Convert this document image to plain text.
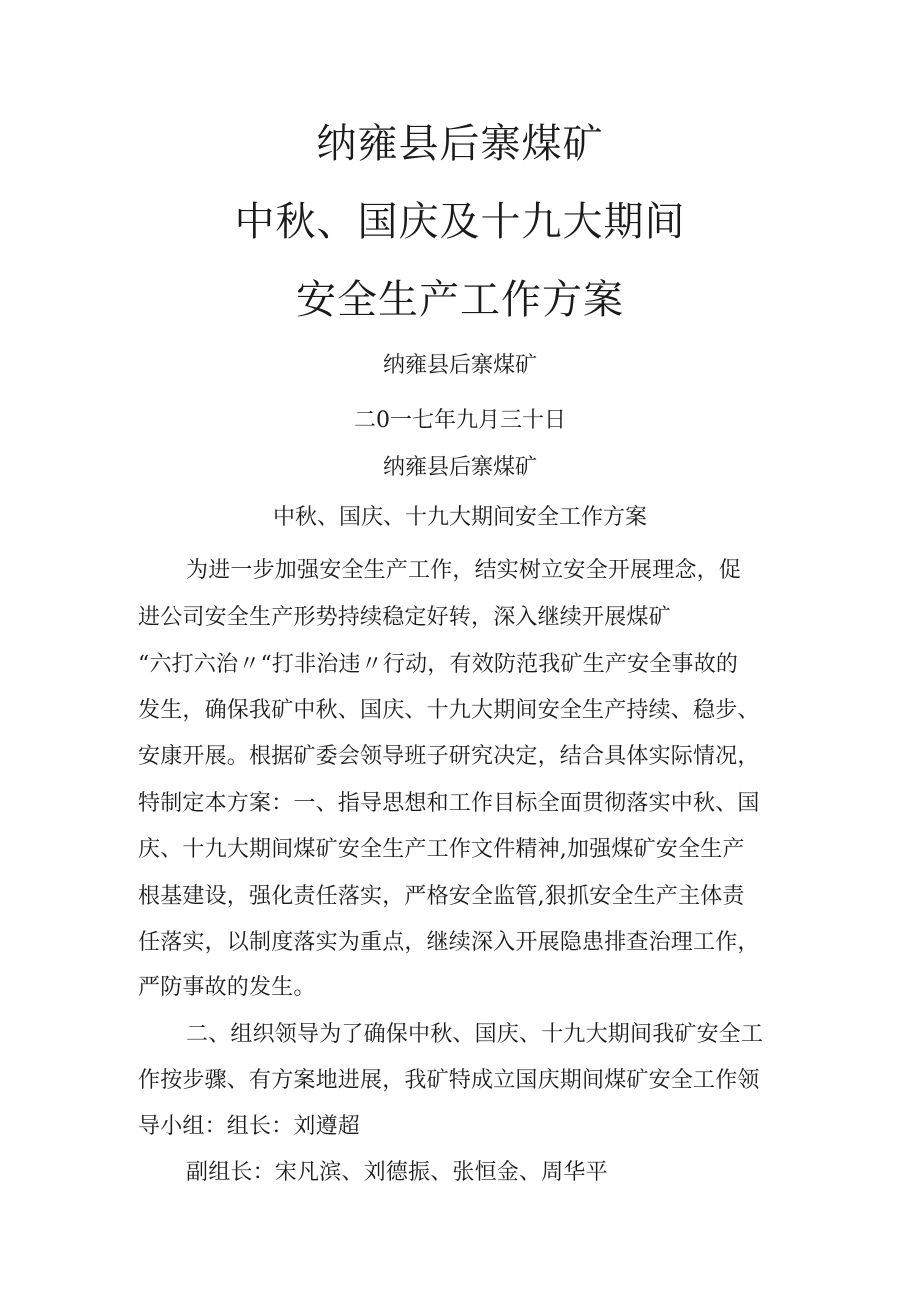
纳雍县后寨煤矿
中秋、国庆及十九大期间
安全生产工作方案
纳雍县后寨煤矿
二0一七年九月三十日
纳雍县后寨煤矿
中秋、国庆、十九大期间安全工作方案
为进一步加强安全生产工作，结实树立安全开展理念，促
进公司安全生产形势持续稳定好转，深入继续开展煤矿
“六打六治〃“打非治违〃行动，有效防范我矿生产安全事故的
发生，确保我矿中秋、国庆、十九大期间安全生产持续、稳步、
安康开展。根据矿委会领导班子研究决定，结合具体实际情况，
特制定本方案：一、指导思想和工作目标全面贯彻落实中秋、国
庆、十九大期间煤矿安全生产工作文件精神,加强煤矿安全生产
根基建设，强化责任落实，严格安全监管,狠抓安全生产主体责
任落实，以制度落实为重点，继续深入开展隐患排查治理工作，
严防事故的发生。
二、组织领导为了确保中秋、国庆、十九大期间我矿安全工
作按步骤、有方案地进展，我矿特成立国庆期间煤矿安全工作领
导小组：组长：刘遵超
副组长：宋凡滨、刘德振、张恒金、周华平
